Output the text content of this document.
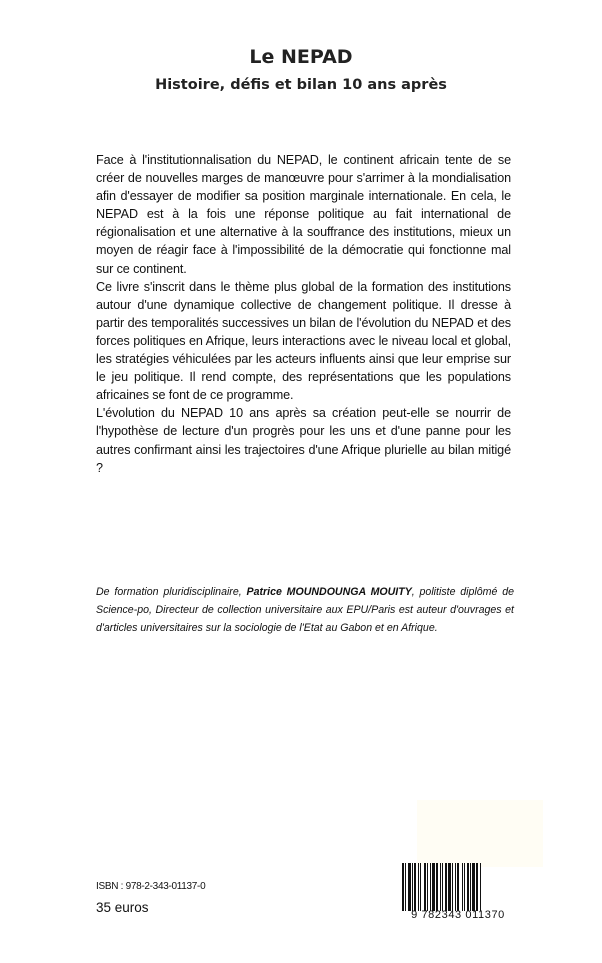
Le NEPAD
Histoire, défis et bilan 10 ans après

Face à l'institutionnalisation du NEPAD, le continent africain tente de se créer de nouvelles marges de manœuvre pour s'arrimer à la mondialisation afin d'essayer de modifier sa position marginale internationale. En cela, le NEPAD est à la fois une réponse politique au fait international de régionalisation et une alternative à la souffrance des institutions, mieux un moyen de réagir face à l'impossibilité de la démocratie qui fonctionne mal sur ce continent.

Ce livre s'inscrit dans le thème plus global de la formation des institutions autour d'une dynamique collective de changement politique. Il dresse à partir des temporalités successives un bilan de l'évolution du NEPAD et des forces politiques en Afrique, leurs interactions avec le niveau local et global, les stratégies véhiculées par les acteurs influents ainsi que leur emprise sur le jeu politique. Il rend compte, des représentations que les populations africaines se font de ce programme.

L'évolution du NEPAD 10 ans après sa création peut-elle se nourrir de l'hypothèse de lecture d'un progrès pour les uns et d'une panne pour les autres confirmant ainsi les trajectoires d'une Afrique plurielle au bilan mitigé ?

De formation pluridisciplinaire, Patrice MOUNDOUNGA MOUITY, politiste diplômé de Science-po, Directeur de collection universitaire aux EPU/Paris est auteur d'ouvrages et d'articles universitaires sur la sociologie de l'Etat au Gabon et en Afrique.
ISBN : 978-2-343-01137-0
35 euros	9 782343 011370
